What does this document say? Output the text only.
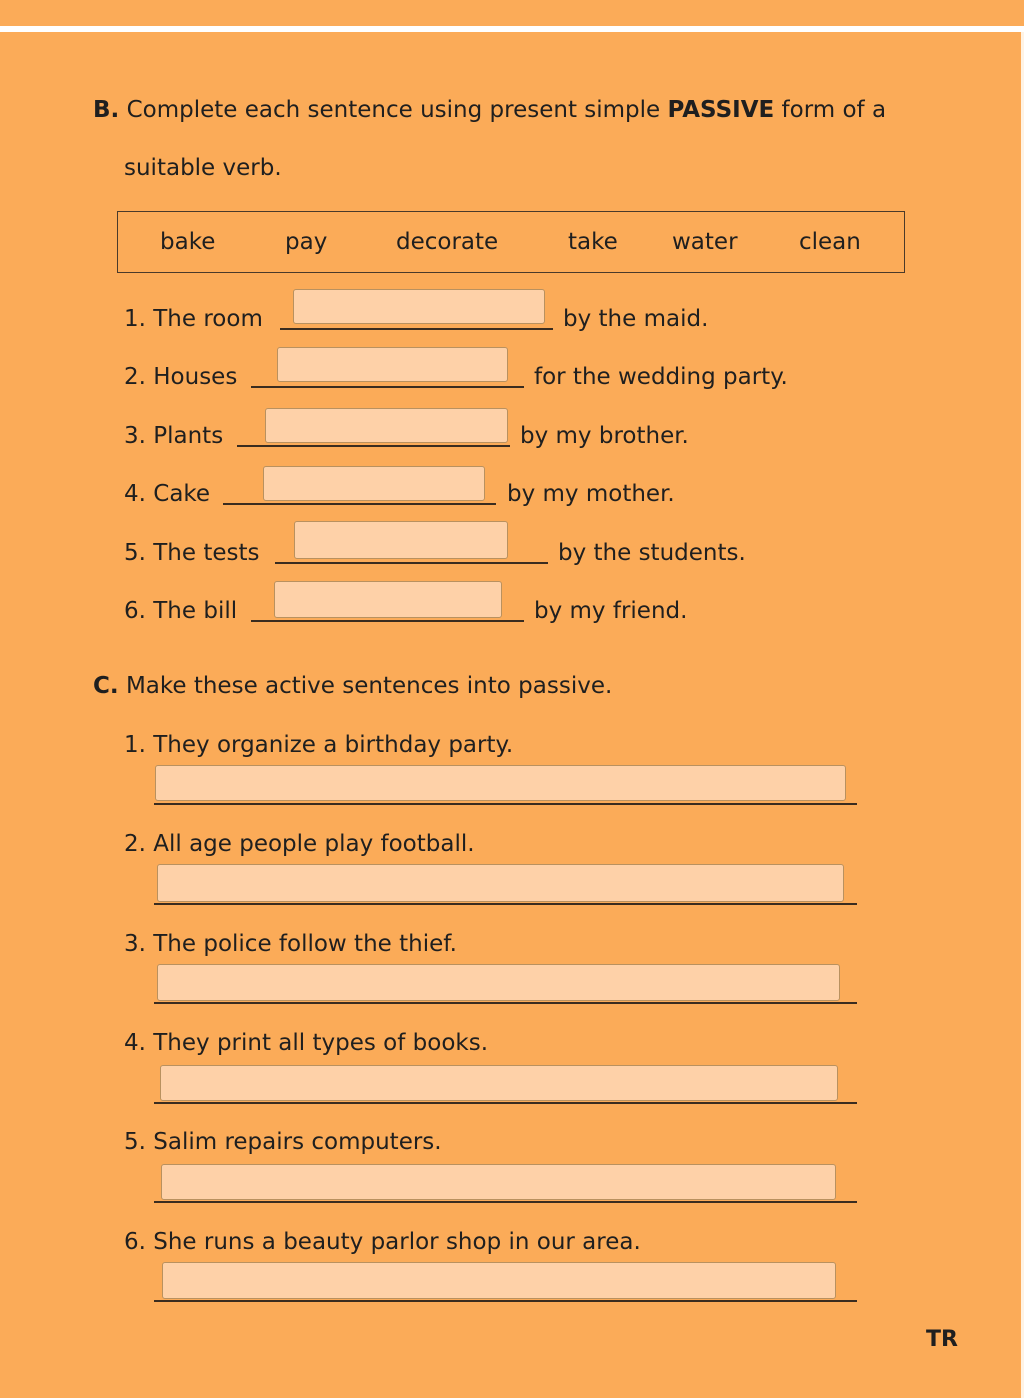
B. Complete each sentence using present simple PASSIVE form of a
suitable verb.
bake	pay	decorate	take water	clean
1. The room	by the maid.
2. Houses	for the wedding party.
3. Plants	by my brother.
4. Cake	by my mother.
5. The tests	by the students.
6. The bill	by my friend.
C. Make these active sentences into passive.
1. They organize a birthday party.
2. All age people play football.
3. The police follow the thief.
4. They print all types of books.
5. Salim repairs computers.
6. She runs a beauty parlor shop in our area.
TR
